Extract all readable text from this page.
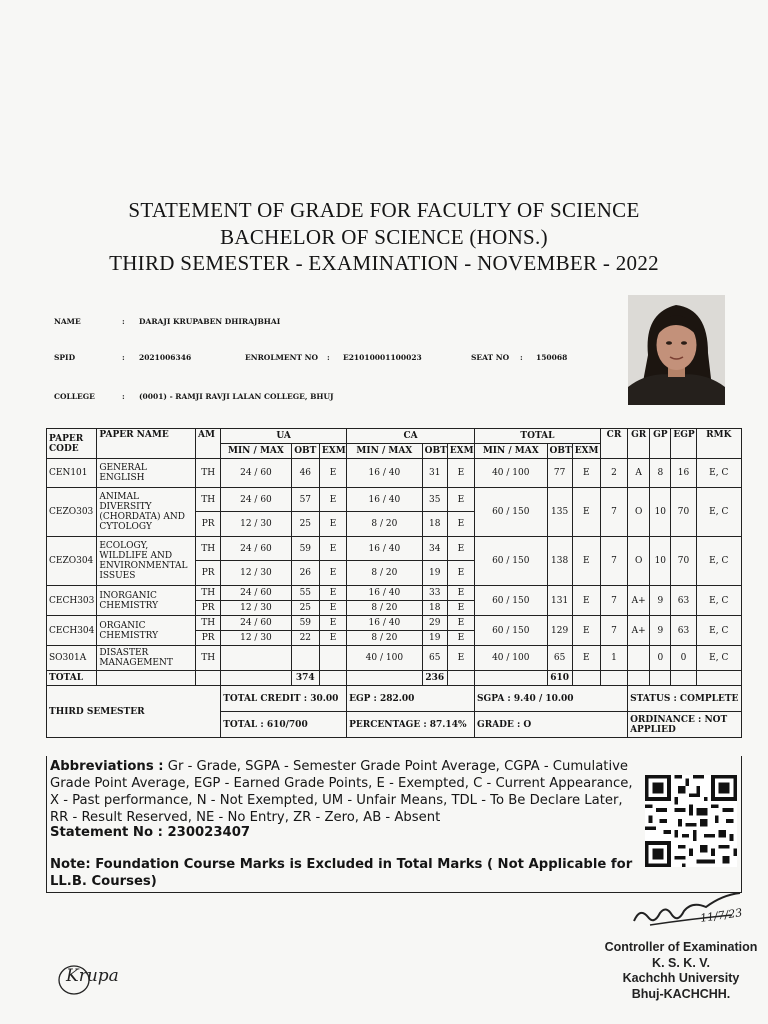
STATEMENT OF GRADE FOR FACULTY OF SCIENCE
BACHELOR OF SCIENCE (HONS.)
THIRD SEMESTER - EXAMINATION - NOVEMBER - 2022
NAME	: DARAJI KRUPABEN DHIRAJBHAI
SPID	: 2021006346	ENROLMENT NO : E21010001100023	SEAT NO : 150068
COLLEGE	: (0001) - RAMJI RAVJI LALAN COLLEGE, BHUJ
PAPER CODE	PAPER NAME	AM	UA			CA			TOTAL			CR	GR	GP	EGP	RMK
			MIN / MAX	OBT	EXM	MIN / MAX	OBT	EXM	MIN / MAX	OBT	EXM					
CEN101	GENERAL ENGLISH	TH	24 / 60	46	E	16 / 40	31	E	40 / 100	77	E	2	A	8	16	E, C
CEZO303	ANIMAL DIVERSITY (CHORDATA) AND CYTOLOGY	TH	24 / 60	57	E	16 / 40	35	E	60 / 150	135	E	7	O	10	70	E, C
		PR	12 / 30	25	E	8 / 20	18	E								
CEZO304	ECOLOGY, WILDLIFE AND ENVIRONMENTAL ISSUES	TH	24 / 60	59	E	16 / 40	34	E	60 / 150	138	E	7	O	10	70	E, C
		PR	12 / 30	26	E	8 / 20	19	E								
CECH303	INORGANIC CHEMISTRY	TH	24 / 60	55	E	16 / 40	33	E	60 / 150	131	E	7	A+	9	63	E, C
		PR	12 / 30	25	E	8 / 20	18	E								
CECH304	ORGANIC CHEMISTRY	TH	24 / 60	59	E	16 / 40	29	E	60 / 150	129	E	7	A+	9	63	E, C
		PR	12 / 30	22	E	8 / 20	19	E								
SO301A	DISASTER MANAGEMENT	TH				40 / 100	65	E	40 / 100	65	E	1		0	0	E, C
TOTAL				374			236			610						
THIRD SEMESTER			TOTAL CREDIT : 30.00			EGP : 282.00			SGPA : 9.40 / 10.00				STATUS : COMPLETE			
			TOTAL : 610/700			PERCENTAGE : 87.14%			GRADE : O				ORDINANCE : NOT APPLIED			
Abbreviations : Gr - Grade, SGPA - Semester Grade Point Average, CGPA - Cumulative Grade Point Average, EGP - Earned Grade Points, E - Exempted, C - Current Appearance, X - Past performance, N - Not Exempted, UM - Unfair Means, TDL - To Be Declare Later, RR - Result Reserved, NE - No Entry, ZR - Zero, AB - Absent
Statement No : 230023407
Note: Foundation Course Marks is Excluded in Total Marks ( Not Applicable for LL.B. Courses)
11/7/23
Controller of Examination
K. S. K. V.
Kachchh University
Bhuj-KACHCHH.
Krupa
